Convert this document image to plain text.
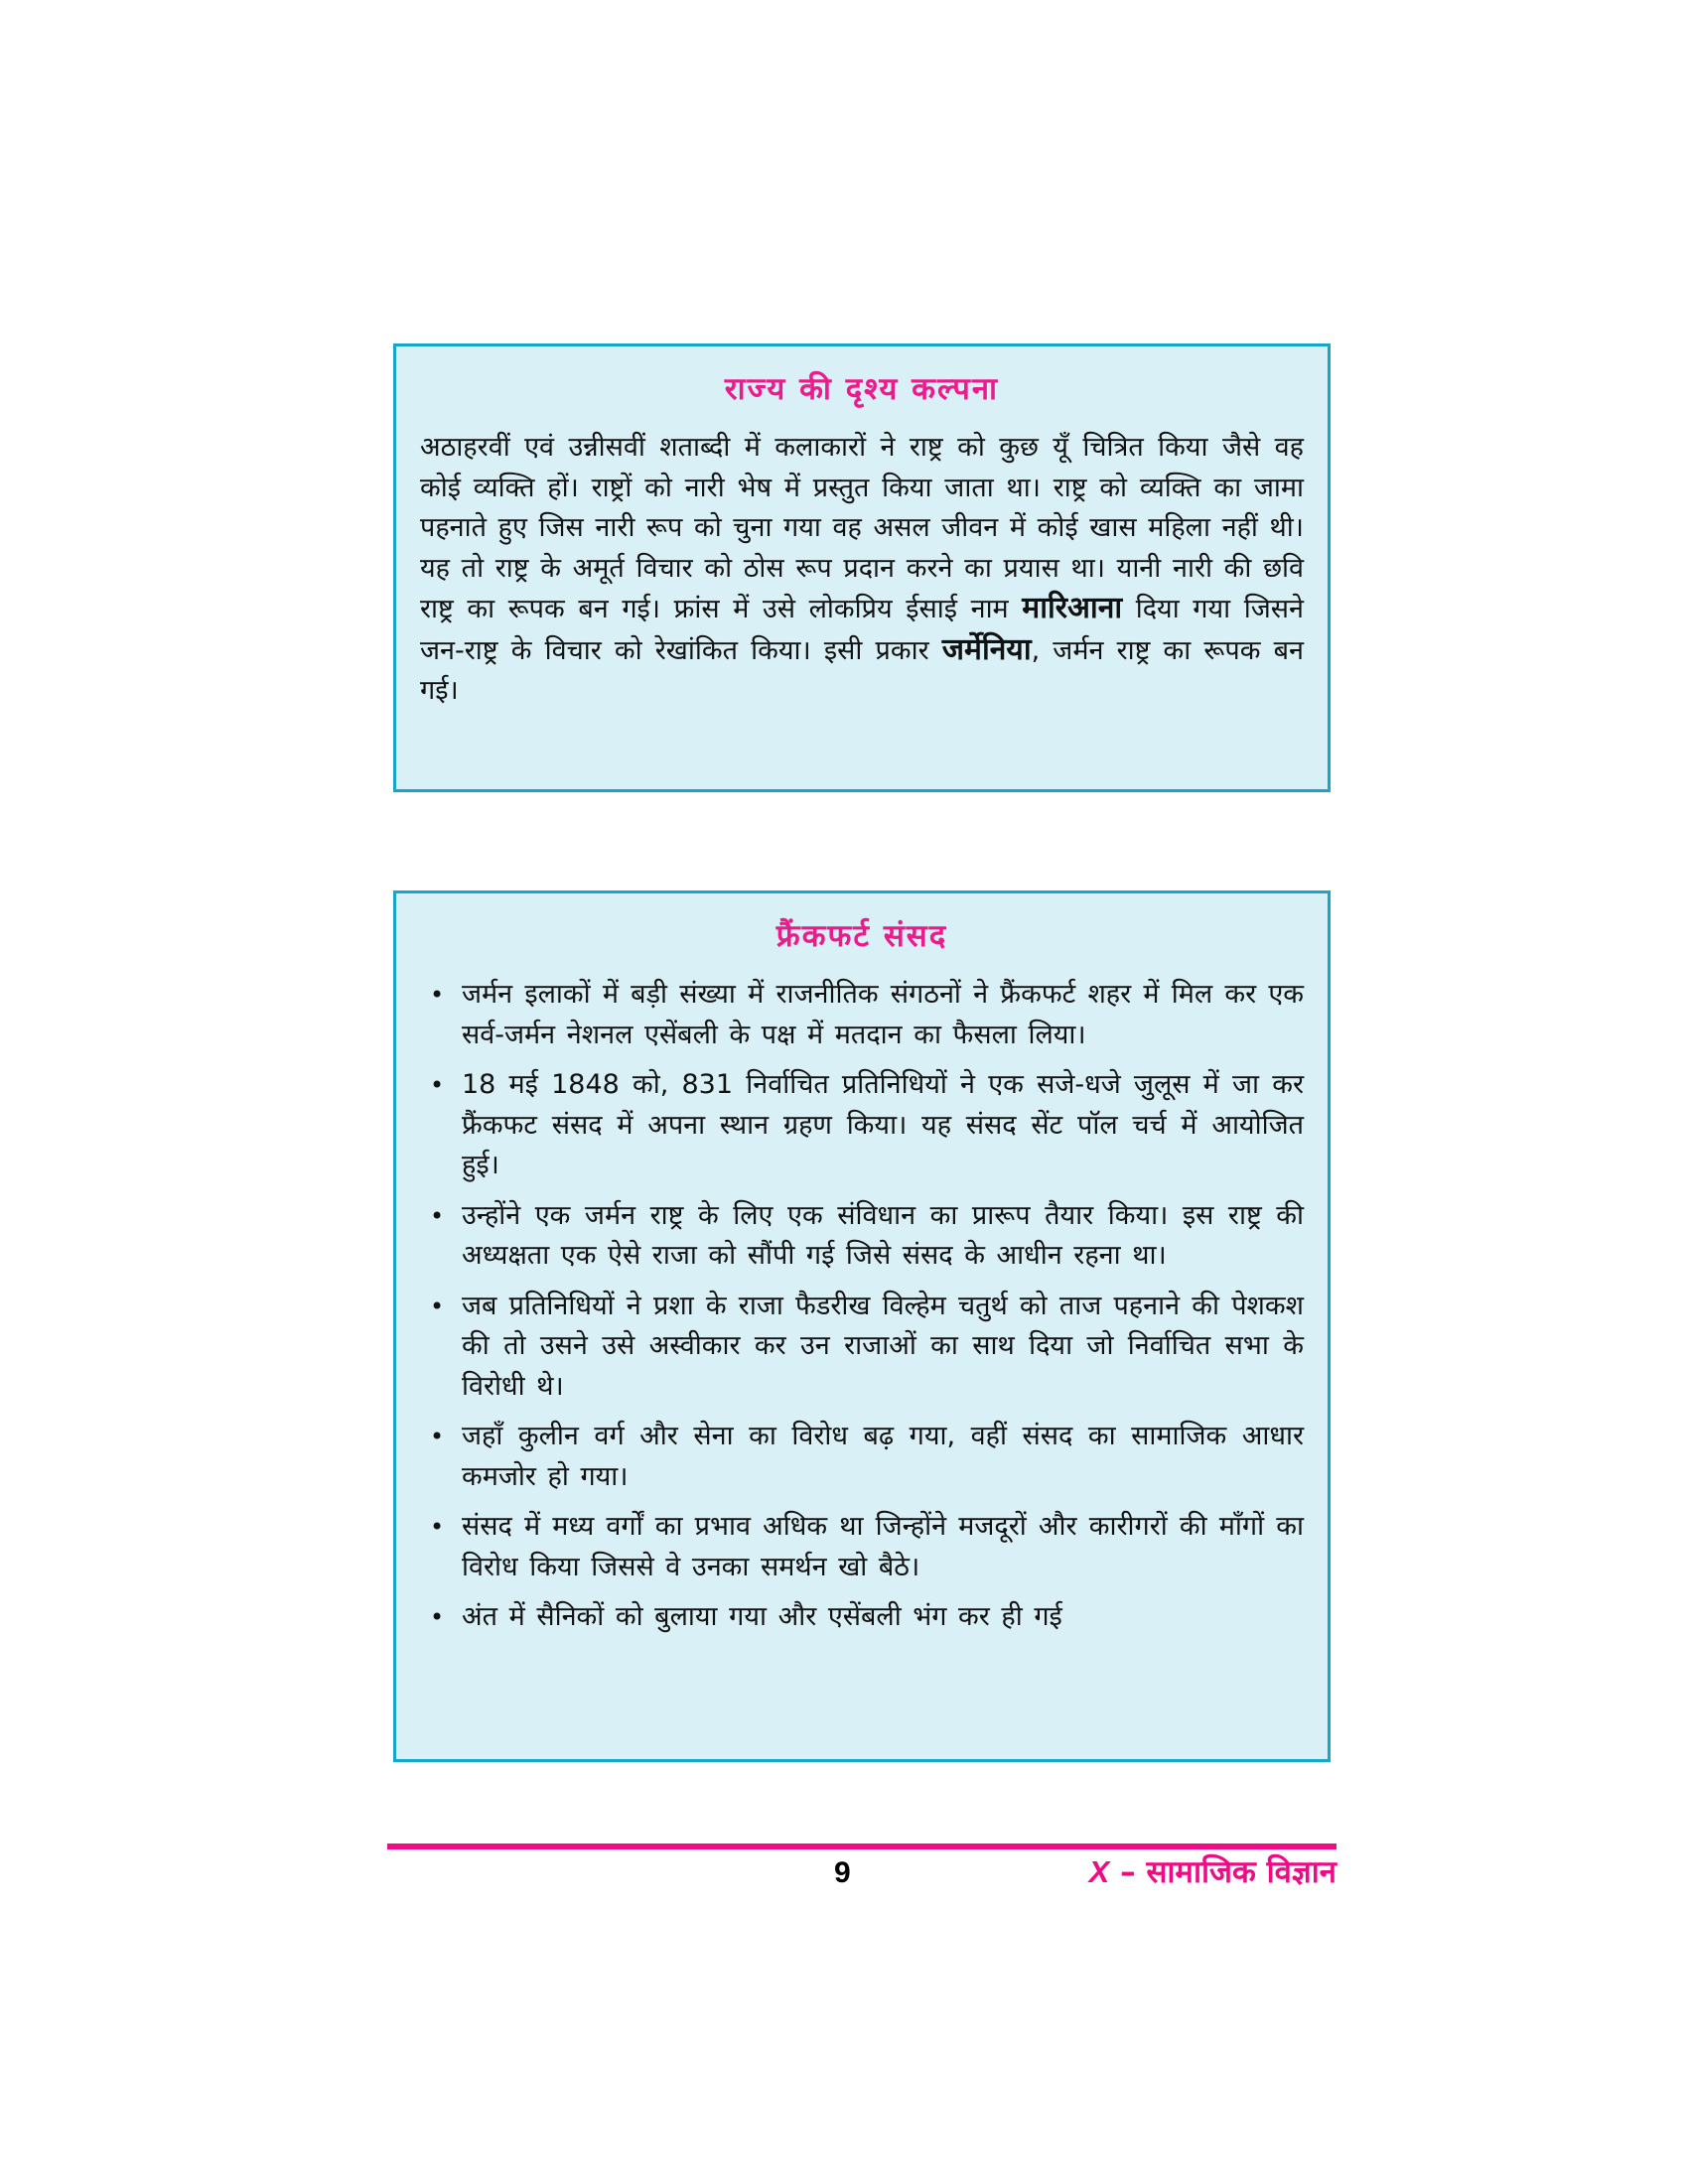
राज्य की दृश्य कल्पना

अठाहरवीं एवं उन्नीसवीं शताब्दी में कलाकारों ने राष्ट्र को कुछ यूँ चित्रित किया जैसे वह कोई व्यक्ति हों। राष्ट्रों को नारी भेष में प्रस्तुत किया जाता था। राष्ट्र को व्यक्ति का जामा पहनाते हुए जिस नारी रूप को चुना गया वह असल जीवन में कोई खास महिला नहीं थी। यह तो राष्ट्र के अमूर्त विचार को ठोस रूप प्रदान करने का प्रयास था। यानी नारी की छवि राष्ट्र का रूपक बन गई। फ्रांस में उसे लोकप्रिय ईसाई नाम मारिआना दिया गया जिसने जन-राष्ट्र के विचार को रेखांकित किया। इसी प्रकार जर्मेनिया, जर्मन राष्ट्र का रूपक बन गई।

फ्रैंकफर्ट संसद
• जर्मन इलाकों में बड़ी संख्या में राजनीतिक संगठनों ने फ्रैंकफर्ट शहर में मिल कर एक सर्व-जर्मन नेशनल एसेंबली के पक्ष में मतदान का फैसला लिया।
• 18 मई 1848 को, 831 निर्वाचित प्रतिनिधियों ने एक सजे-धजे जुलूस में जा कर फ्रैंकफट संसद में अपना स्थान ग्रहण किया। यह संसद सेंट पॉल चर्च में आयोजित हुई।
• उन्होंने एक जर्मन राष्ट्र के लिए एक संविधान का प्रारूप तैयार किया। इस राष्ट्र की अध्यक्षता एक ऐसे राजा को सौंपी गई जिसे संसद के आधीन रहना था।
• जब प्रतिनिधियों ने प्रशा के राजा फैडरीख विल्हेम चतुर्थ को ताज पहनाने की पेशकश की तो उसने उसे अस्वीकार कर उन राजाओं का साथ दिया जो निर्वाचित सभा के विरोधी थे।
• जहाँ कुलीन वर्ग और सेना का विरोध बढ़ गया, वहीं संसद का सामाजिक आधार कमजोर हो गया।
• संसद में मध्य वर्गों का प्रभाव अधिक था जिन्होंने मजदूरों और कारीगरों की माँगों का विरोध किया जिससे वे उनका समर्थन खो बैठे।
• अंत में सैनिकों को बुलाया गया और एसेंबली भंग कर ही गई
9	X – सामाजिक विज्ञान
